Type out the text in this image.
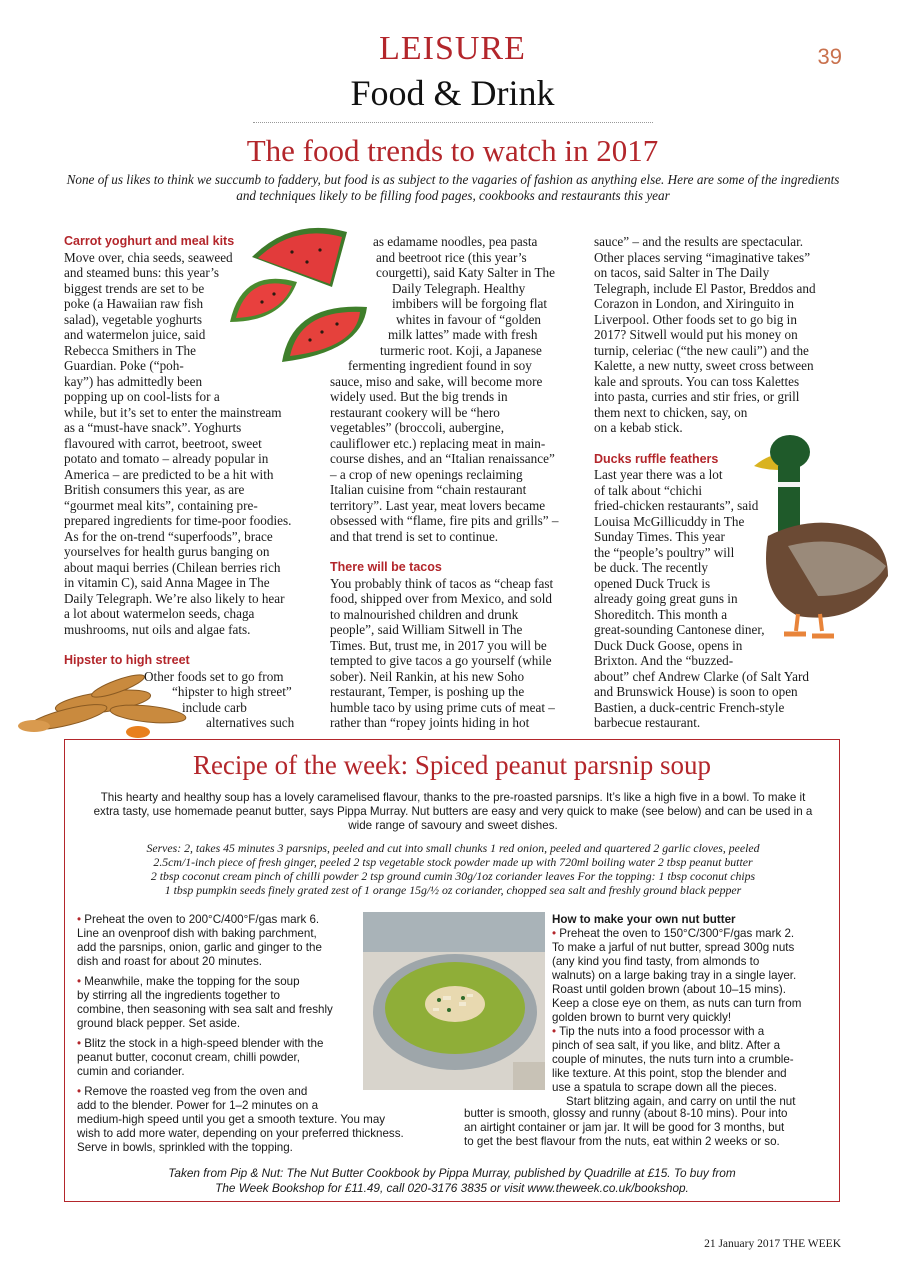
LEISURE
Food & Drink
39
The food trends to watch in 2017
None of us likes to think we succumb to faddery, but food is as subject to the vagaries of fashion as anything else. Here are some of the ingredients and techniques likely to be filling food pages, cookbooks and restaurants this year
Carrot yoghurt and meal kits

Move over, chia seeds, seaweed

and steamed buns: this year’s

biggest trends are set to be

poke (a Hawaiian raw fish

salad), vegetable yoghurts

and watermelon juice, said

Rebecca Smithers in The

Guardian. Poke (“poh-

kay”) has admittedly been

popping up on cool-lists for a

while, but it’s set to enter the mainstream

as a “must-have snack”. Yoghurts

flavoured with carrot, beetroot, sweet

potato and tomato – already popular in

America – are predicted to be a hit with

British consumers this year, as are

“gourmet meal kits”, containing pre-

prepared ingredients for time-poor foodies.

As for the on-trend “superfoods”, brace

yourselves for health gurus banging on

about maqui berries (Chilean berries rich

in vitamin C), said Anna Magee in The

Daily Telegraph. We’re also likely to hear

a lot about watermelon seeds, chaga

mushrooms, nut oils and algae fats.

Hipster to high street

Other foods set to go from

“hipster to high street”

include carb

alternatives such

as edamame noodles, pea pasta

and beetroot rice (this year’s

courgetti), said Katy Salter in The

Daily Telegraph. Healthy

imbibers will be forgoing flat

whites in favour of “golden

milk lattes” made with fresh

turmeric root. Koji, a Japanese

fermenting ingredient found in soy

sauce, miso and sake, will become more

widely used. But the big trends in

restaurant cookery will be “hero

vegetables” (broccoli, aubergine,

cauliflower etc.) replacing meat in main-

course dishes, and an “Italian renaissance”

– a crop of new openings reclaiming

Italian cuisine from “chain restaurant

territory”. Last year, meat lovers became

obsessed with “flame, fire pits and grills” –

and that trend is set to continue.

There will be tacos

You probably think of tacos as “cheap fast

food, shipped over from Mexico, and sold

to malnourished children and drunk

people”, said William Sitwell in The

Times. But, trust me, in 2017 you will be

tempted to give tacos a go yourself (while

sober). Neil Rankin, at his new Soho

restaurant, Temper, is poshing up the

humble taco by using prime cuts of meat –

rather than “ropey joints hiding in hot

sauce” – and the results are spectacular.

Other places serving “imaginative takes”

on tacos, said Salter in The Daily

Telegraph, include El Pastor, Breddos and

Corazon in London, and Xiringuito in

Liverpool. Other foods set to go big in

2017? Sitwell would put his money on

turnip, celeriac (“the new cauli”) and the

Kalette, a new nutty, sweet cross between

kale and sprouts. You can toss Kalettes

into pasta, curries and stir fries, or grill

them next to chicken, say, on

on a kebab stick.

Ducks ruffle feathers

Last year there was a lot

of talk about “chichi

fried-chicken restaurants”, said

Louisa McGillicuddy in The

Sunday Times. This year

the “people’s poultry” will

be duck. The recently

opened Duck Truck is

already going great guns in

Shoreditch. This month a

great-sounding Cantonese diner,

Duck Duck Goose, opens in

Brixton. And the “buzzed-

about” chef Andrew Clarke (of Salt Yard

and Brunswick House) is soon to open

Bastien, a duck-centric French-style

barbecue restaurant.

Recipe of the week: Spiced peanut parsnip soup
This hearty and healthy soup has a lovely caramelised flavour, thanks to the pre-roasted parsnips. It’s like a high five in a bowl. To make it extra tasty, use homemade peanut butter, says Pippa Murray. Nut butters are easy and very quick to make (see below) and can be used in a wide range of savoury and sweet dishes.
Serves: 2, takes 45 minutes 3 parsnips, peeled and cut into small chunks 1 red onion, peeled and quartered 2 garlic cloves, peeled
2.5cm/1-inch piece of fresh ginger, peeled 2 tsp vegetable stock powder made up with 720ml boiling water 2 tbsp peanut butter
2 tbsp coconut cream pinch of chilli powder 2 tsp ground cumin 30g/1oz coriander leaves For the topping: 1 tbsp coconut chips
1 tbsp pumpkin seeds finely grated zest of 1 orange 15g/½ oz coriander, chopped sea salt and freshly ground black pepper

• Preheat the oven to 200°C/400°F/gas mark 6.
Line an ovenproof dish with baking parchment,
add the parsnips, onion, garlic and ginger to the
dish and roast for about 20 minutes.

• Meanwhile, make the topping for the soup
by stirring all the ingredients together to
combine, then seasoning with sea salt and freshly
ground black pepper. Set aside.

• Blitz the stock in a high-speed blender with the
peanut butter, coconut cream, chilli powder,
cumin and coriander.

• Remove the roasted veg from the oven and
add to the blender. Power for 1–2 minutes on a
medium-high speed until you get a smooth texture. You may
wish to add more water, depending on your preferred thickness.
Serve in bowls, sprinkled with the topping.

How to make your own nut butter

• Preheat the oven to 150°C/300°F/gas mark 2.
To make a jarful of nut butter, spread 300g nuts
(any kind you find tasty, from almonds to
walnuts) on a large baking tray in a single layer.
Roast until golden brown (about 10–15 mins).
Keep a close eye on them, as nuts can turn from
golden brown to burnt very quickly!

• Tip the nuts into a food processor with a
pinch of sea salt, if you like, and blitz. After a
couple of minutes, the nuts turn into a crumble-
like texture. At this point, stop the blender and
use a spatula to scrape down all the pieces.
Start blitzing again, and carry on until the nut

butter is smooth, glossy and runny (about 8-10 mins). Pour into
an airtight container or jam jar. It will be good for 3 months, but
to get the best flavour from the nuts, eat within 2 weeks or so.
Taken from Pip & Nut: The Nut Butter Cookbook by Pippa Murray, published by Quadrille at £15. To buy from
The Week Bookshop for £11.49, call 020-3176 3835 or visit www.theweek.co.uk/bookshop.
21 January 2017 THE WEEK
